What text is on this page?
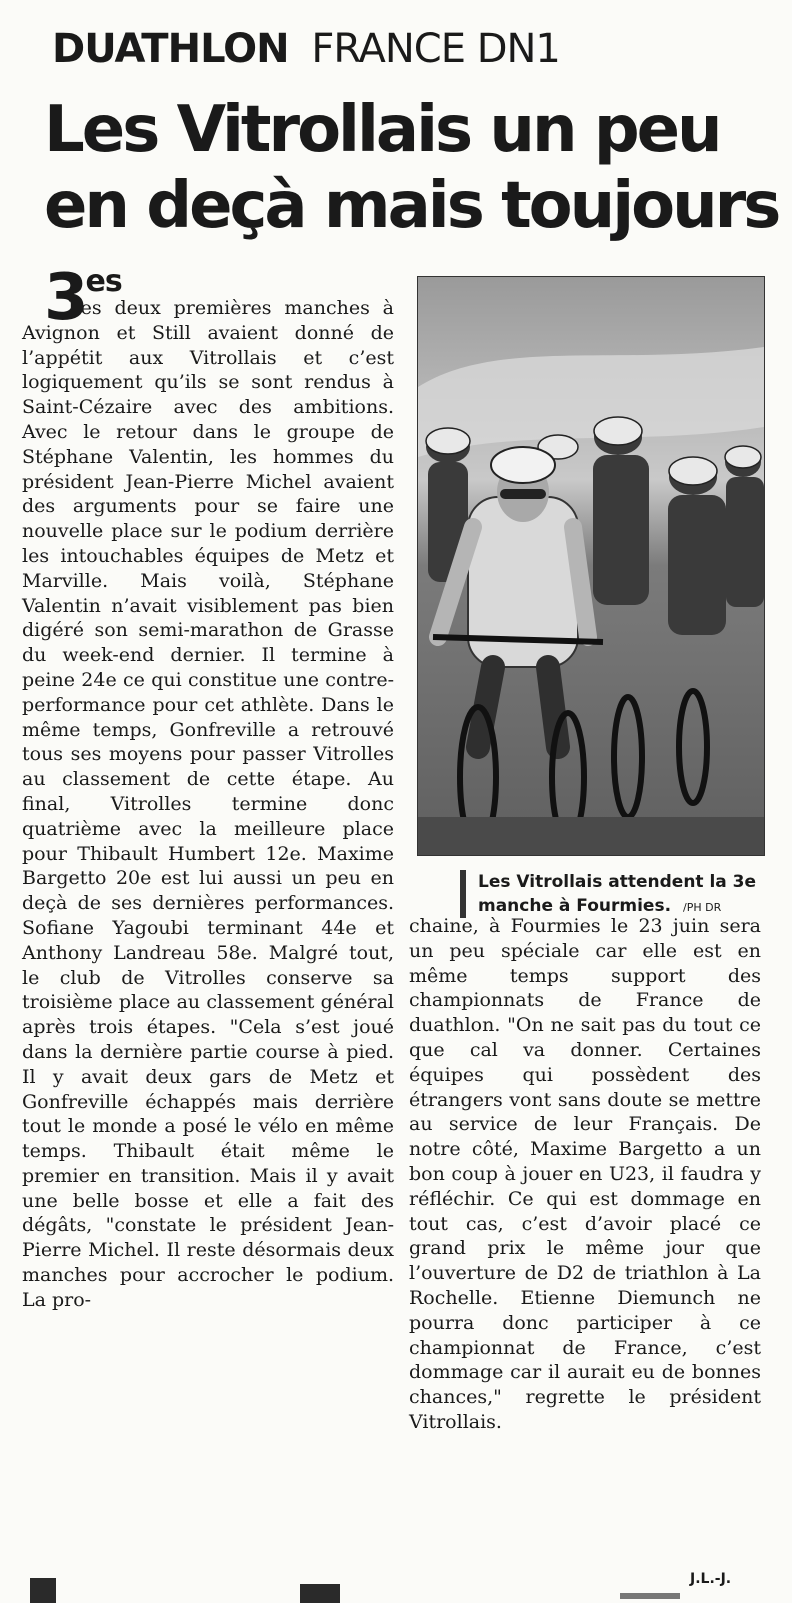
DUATHLON FRANCE DN1
Les Vitrollais un peu en deçà mais toujours $3^{es}$

Les deux premières manches à Avignon et Still avaient donné de l’appétit aux Vitrollais et c’est logiquement qu’ils se sont rendus à Saint-Cézaire avec des ambitions. Avec le retour dans le groupe de Stéphane Valentin, les hommes du président Jean-Pierre Michel avaient des arguments pour se faire une nouvelle place sur le podium derrière les intouchables équipes de Metz et Marville. Mais voilà, Stéphane Valentin n’avait visiblement pas bien digéré son semi-marathon de Grasse du week-end dernier. Il termine à peine 24e ce qui constitue une contre-performance pour cet athlète. Dans le même temps, Gonfreville a retrouvé tous ses moyens pour passer Vitrolles au classement de cette étape. Au final, Vitrolles termine donc quatrième avec la meilleure place pour Thibault Humbert 12e. Maxime Bargetto 20e est lui aussi un peu en deçà de ses dernières performances. Sofiane Yagoubi terminant 44e et Anthony Landreau 58e. Malgré tout, le club de Vitrolles conserve sa troisième place au classement général après trois étapes. "Cela s’est joué dans la dernière partie course à pied. Il y avait deux gars de Metz et Gonfreville échappés mais derrière tout le monde a posé le vélo en même temps. Thibault était même le premier en transition. Mais il y avait une belle bosse et elle a fait des dégâts, "constate le président Jean-Pierre Michel. Il reste désormais deux manches pour accrocher le podium. La pro-

Les Vitrollais attendent la 3e manche à Fourmies. /PH DR

chaine, à Fourmies le 23 juin sera un peu spéciale car elle est en même temps support des championnats de France de duathlon. "On ne sait pas du tout ce que cal va donner. Certaines équipes qui possèdent des étrangers vont sans doute se mettre au service de leur Français. De notre côté, Maxime Bargetto a un bon coup à jouer en U23, il faudra y réfléchir. Ce qui est dommage en tout cas, c’est d’avoir placé ce grand prix le même jour que l’ouverture de D2 de triathlon à La Rochelle. Etienne Diemunch ne pourra donc participer à ce championnat de France, c’est dommage car il aurait eu de bonnes chances," regrette le président Vitrollais.

J.L.-J.
